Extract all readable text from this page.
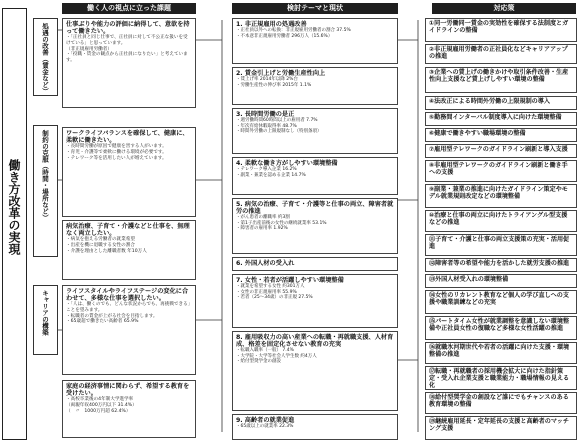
働き方改革の実現
働く人の視点に立った課題	検討テーマと現状	対応策
処遇の改善（賃金など）
制約の克服（時間・場所など）
キャリアの構築
仕事ぶりや能力の評価に納得して、意欲を持って働きたい。
・「正社員と同じ仕事で、正社員に対して不公正な扱いを受けている」と思っています。
（非正規雇用労働者）
・「役職・賃金の観点から正社員になりたい」と考えています。
ワークライフバランスを確保して、健康に、柔軟に働きたい。
・長時間労働が原因で健康を害する人がいます。
・育児・介護等で柔軟に働ける環境が必要です。
・テレワーク等を活用したい人が増えています。
病気治療、子育て・介護などと仕事を、無理なく両立したい。
・病気を抱える労働者の就業希望
・出産を機に退職する女性の割合
・介護を理由とした離職者数 年10万人
ライフスタイルやライフステージの変化に合わせて、多様な仕事を選択したい。
・「人は、働くのでも、どんな状況からでも、再挑戦できる」ことを望みます。
・転職者の賃金が上がる社会を目指します。
・65歳超で働きたい高齢者 65.9%
家庭の経済事情に関わらず、希望する教育を受けたい。
・高校卒業後の4年制大学進学率
（両親年収400万円以下 31.4%）
（　〃　1000万円超 62.4%）
1. 非正規雇用の処遇改善
・正社員以外への転換：非正規雇用労働者の割合 37.5%
・不本意非正規雇用労働者 296万人（15.6%）
2. 賃金引上げと労働生産性向上
・賃上げ率 2014年以降 2%台
・労働生産性の伸び率 2015年 1.1%
3. 長時間労働の是正
・週労働時間60時間以上の雇用者 7.7%
・年次有給休暇取得率 48.7%
・時間外労働の上限規制なし（特別条項）
4. 柔軟な働き方がしやすい環境整備
・テレワーク導入企業 16.2%
・副業・兼業を認める企業 14.7%
5. 病気の治療、子育て・介護等と仕事の両立、障害者就労の推進
・がん患者の離職率 約3割
・第1子出産前後の女性の継続就業率 53.1%
・障害者の雇用率 1.92%
6. 外国人材の受入れ
7. 女性・若者が活躍しやすい環境整備
・就業を希望する女性 約301万人
・女性の非正規雇用率 55.9%
・若者（25～34歳）の非正規 27.5%
8. 雇用吸収力の高い産業への転職・再就職支援、人材育成、格差を固定化させない教育の充実
・転職入職率（一般） 7.4%
・大学院・大学等社会人学生数 約4万人
・給付型奨学金の創設
9. 高齢者の就業促進
・65歳以上の就業率 22.3%
①同一労働同一賃金の実効性を確保する法制度とガイドラインの整備
②非正規雇用労働者の正社員化などキャリアアップの推進
③企業への賃上げの働きかけや取引条件改善・生産性向上支援など賃上げしやすい環境の整備
④法改正による時間外労働の上限規制の導入
⑤勤務間インターバル制度導入に向けた環境整備
⑥健康で働きやすい職場環境の整備
⑦雇用型テレワークのガイドライン刷新と導入支援
⑧非雇用型テレワークのガイドライン刷新と働き手への支援
⑨副業・兼業の推進に向けたガイドライン策定やモデル就業規則改定などの環境整備
⑩治療と仕事の両立に向けたトライアングル型支援などの推進
⑪子育て・介護と仕事の両立支援策の充実・活用促進
⑫障害者等の希望や能力を活かした就労支援の推進
⑬外国人材受入れの環境整備
⑭女性のリカレント教育など個人の学び直しへの支援や職業訓練などの充実
⑮パートタイム女性が就業調整を意識しない環境整備や正社員女性の復職など多様な女性活躍の推進
⑯就職氷河期世代や若者の活躍に向けた支援・環境整備の推進
⑰転職・再就職者の採用機会拡大に向けた指針策定・受入れ企業支援と職業能力・職場情報の見える化
⑱給付型奨学金の創設など誰にでもチャンスのある教育環境の整備
⑲継続雇用延長・定年延長の支援と高齢者のマッチング支援
